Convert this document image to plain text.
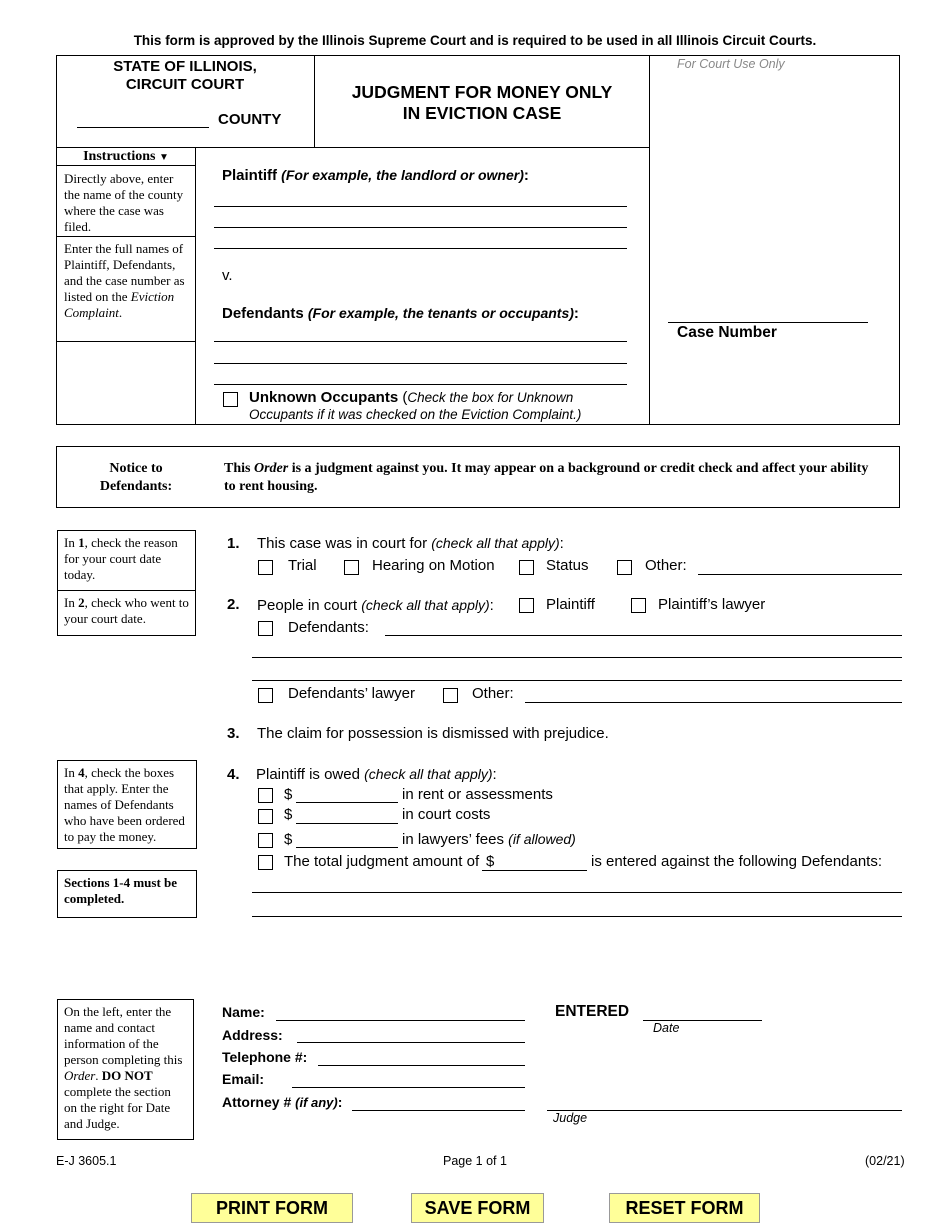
This form is approved by the Illinois Supreme Court and is required to be used in all Illinois Circuit Courts.
STATE OF ILLINOIS,
CIRCUIT COURT
COUNTY
JUDGMENT FOR MONEY ONLY
IN EVICTION CASE
For Court Use Only
Case Number
Instructions ▼
Directly above, enter the name of the county where the case was filed.
Enter the full names of Plaintiff, Defendants, and the case number as listed on the Eviction Complaint.
Plaintiff (For example, the landlord or owner):
v.
Defendants (For example, the tenants or occupants):
Unknown Occupants (Check the box for Unknown
Occupants if it was checked on the Eviction Complaint.)
Notice to
Defendants:
This Order is a judgment against you. It may appear on a background or credit check and affect your ability to rent housing.
In 1, check the reason for your court date today.
In 2, check who went to your court date.
In 4, check the boxes that apply. Enter the names of Defendants who have been ordered to pay the money.
Sections 1-4 must be completed.
On the left, enter the name and contact information of the person completing this Order. DO NOT complete the section on the right for Date and Judge.
1. This case was in court for (check all that apply):
Trial	Hearing on Motion	Status	Other:
2. People in court (check all that apply):	Plaintiff	Plaintiff’s lawyer
Defendants:
Defendants’ lawyer	Other:
3. The claim for possession is dismissed with prejudice.
4. Plaintiff is owed (check all that apply):
$	in rent or assessments
$	in court costs
$	in lawyers’ fees (if allowed)
The total judgment amount of $	is entered against the following Defendants:
Name:
Address:
Telephone #:
Email:
Attorney # (if any):
ENTERED
Date
Judge
E-J 3605.1	Page 1 of 1	(02/21)
PRINT FORM	SAVE FORM	RESET FORM
